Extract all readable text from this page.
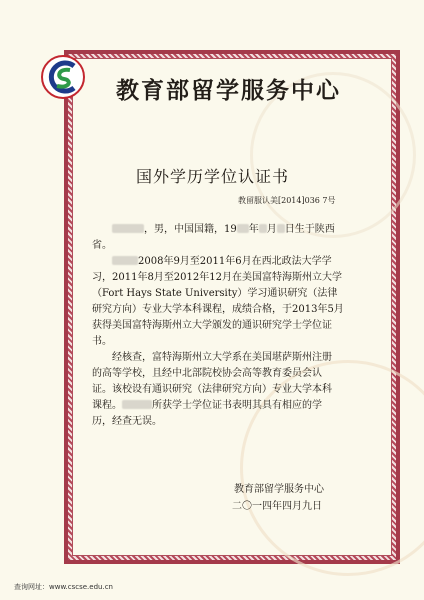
教育部留学服务中心
国外学历学位认证书
教留服认美[2014]036 7号
，男，中国国籍，19 年 月 日生于陕西
省。
2008年9月至2011年6月在西北政法大学学
习，2011年8月至2012年12月在美国富特海斯州立大学
（Fort Hays State University）学习通识研究（法律
研究方向）专业大学本科课程，成绩合格，于2013年5月
获得美国富特海斯州立大学颁发的通识研究学士学位证
书。
经核查，富特海斯州立大学系在美国堪萨斯州注册
的高等学校，且经中北部院校协会高等教育委员会认
证。该校设有通识研究（法律研究方向）专业大学本科
课程。	所获学士学位证书表明其具有相应的学
历，经查无误。
教育部留学服务中心
二〇一四年四月九日
查询网址：www.cscse.edu.cn
